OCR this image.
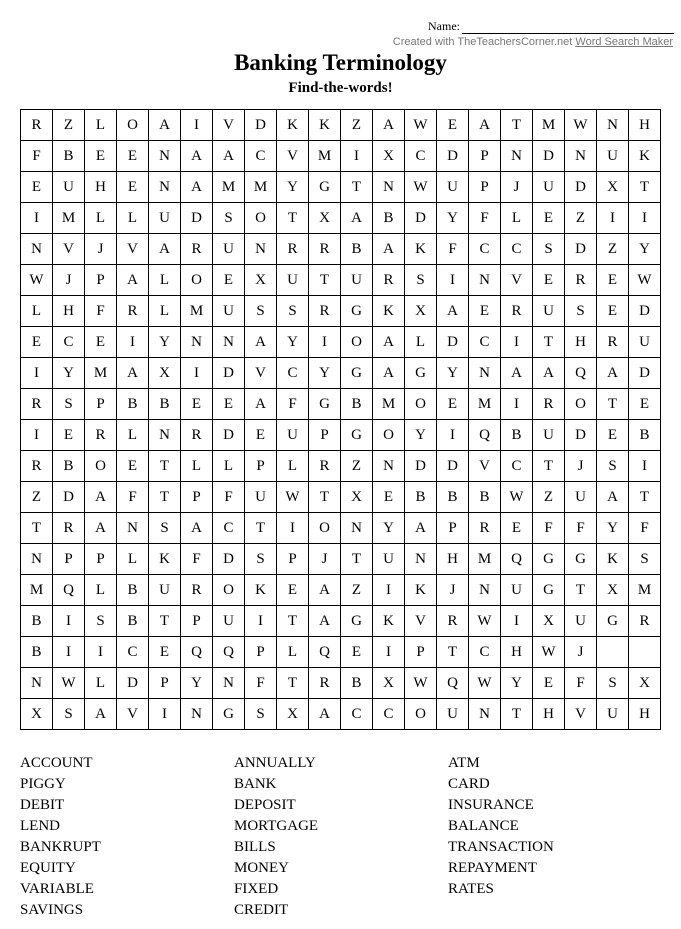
Name:
Created with TheTeachersCorner.net Word Search Maker
Banking Terminology
Find-the-words!
R	Z	L	O	A	I	V	D	K	K	Z	A	W	E	A	T	M	W	N	H
F	B	E	E	N	A	A	C	V	M	I	X	C	D	P	N	D	N	U	K
E	U	H	E	N	A	M	M	Y	G	T	N	W	U	P	J	U	D	X	T
I	M	L	L	U	D	S	O	T	X	A	B	D	Y	F	L	E	Z	I	I
N	V	J	V	A	R	U	N	R	R	B	A	K	F	C	C	S	D	Z	Y
W	J	P	A	L	O	E	X	U	T	U	R	S	I	N	V	E	R	E	W
L	H	F	R	L	M	U	S	S	R	G	K	X	A	E	R	U	S	E	D
E	C	E	I	Y	N	N	A	Y	I	O	A	L	D	C	I	T	H	R	U
I	Y	M	A	X	I	D	V	C	Y	G	A	G	Y	N	A	A	Q	A	D
R	S	P	B	B	E	E	A	F	G	B	M	O	E	M	I	R	O	T	E
I	E	R	L	N	R	D	E	U	P	G	O	Y	I	Q	B	U	D	E	B
R	B	O	E	T	L	L	P	L	R	Z	N	D	D	V	C	T	J	S	I
Z	D	A	F	T	P	F	U	W	T	X	E	B	B	B	W	Z	U	A	T
T	R	A	N	S	A	C	T	I	O	N	Y	A	P	R	E	F	F	Y	F
N	P	P	L	K	F	D	S	P	J	T	U	N	H	M	Q	G	G	K	S
M	Q	L	B	U	R	O	K	E	A	Z	I	K	J	N	U	G	T	X	M
B	I	S	B	T	P	U	I	T	A	G	K	V	R	W	I	X	U	G	R
B	I	I	C	E	Q	Q	P	L	Q	E	I	P	T	C	H	W	J		
N	W	L	D	P	Y	N	F	T	R	B	X	W	Q	W	Y	E	F	S	X
X	S	A	V	I	N	G	S	X	A	C	C	O	U	N	T	H	V	U	H
ACCOUNT
PIGGY
DEBIT
LEND
BANKRUPT
EQUITY
VARIABLE
SAVINGS
ANNUALLY
BANK
DEPOSIT
MORTGAGE
BILLS
MONEY
FIXED
CREDIT
ATM
CARD
INSURANCE
BALANCE
TRANSACTION
REPAYMENT
RATES
